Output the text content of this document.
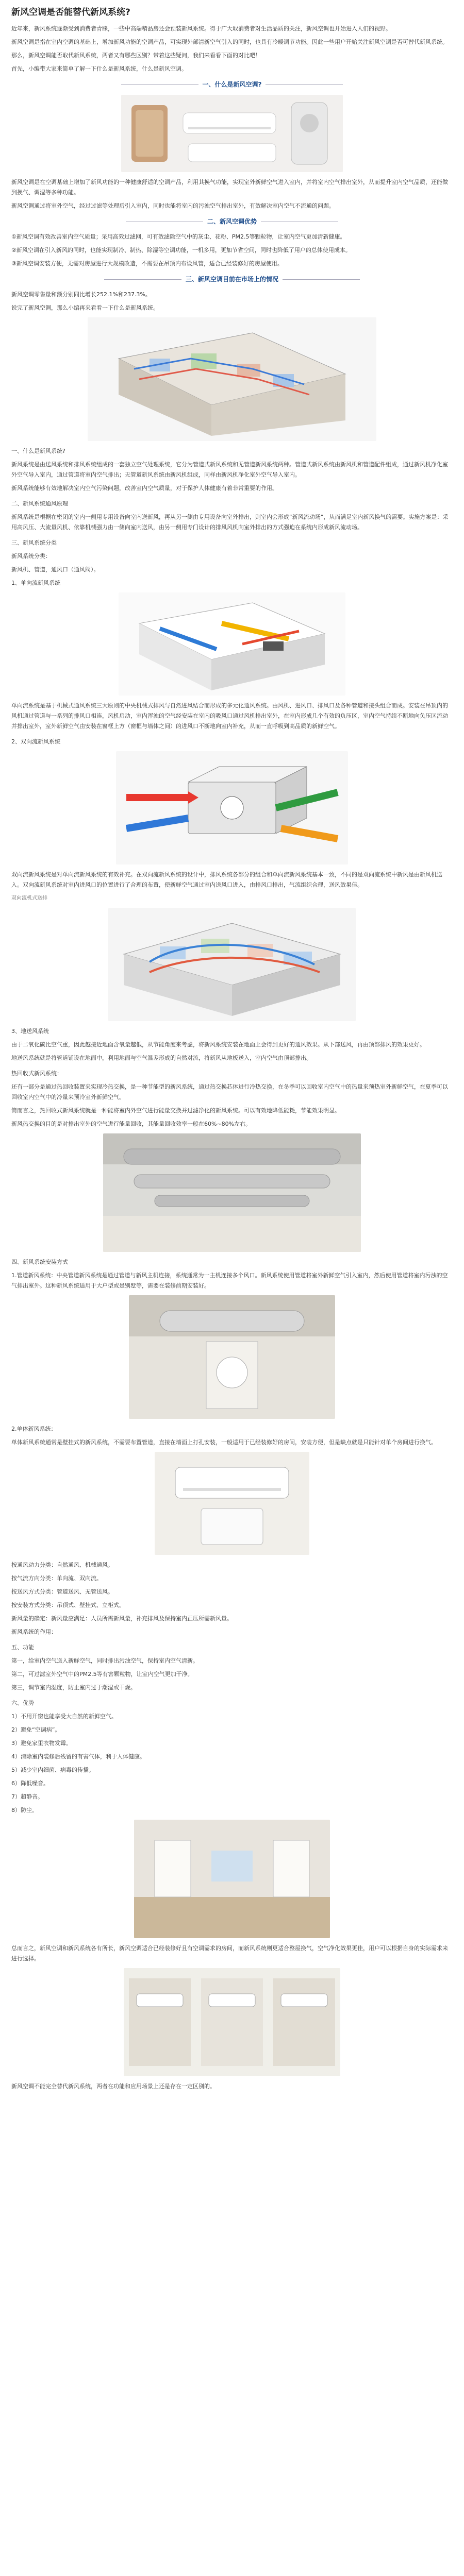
新风空调是否能替代新风系统?

近年来，新风系统逐渐受到消费者青睐，一些中高端精品房还会预装新风系统。得于广大取消费者对生活品质的关注，新风空调也开始进入人们的视野。

新风空调是指在室内空调的基础上，增加新风功能的空调产品，可实现外部清新空气引入的同时，也具有冷暖调节功能。因此一些用户开始关注新风空调是否可替代新风系统。

那么，新风空调能否取代新风系统，两者又有哪些区别？带着这些疑问，我们来看看下面的对比吧！

首先，小编带大家来简单了解一下什么是新风系统，什么是新风空调。

一、什么是新风空调?

新风空调是在空调基础上增加了新风功能的一种健康舒适的空调产品，利用其换气功能，实现室外新鲜空气进入室内，并将室内空气排出室外，从而提升室内空气品质，还能做到换气、调湿等多种功能。

新风空调通过将室外空气，经过过滤等处理后引入室内，同时也能将室内的污浊空气排出室外，有效解决室内空气不流通的问题。

二、新风空调优势

①新风空调有效改善室内空气质量；采用高效过滤网，可有效滤除空气中的灰尘、花粉、PM2.5等颗粒物，让室内空气更加清新健康。

②新风空调在引入新风的同时，也能实现制冷、制热、除湿等空调功能，一机多用，更加节省空间，同时也降低了用户的总体使用成本。

③新风空调安装方便，无需对房屋进行大规模改造，不需要在吊顶内布设风管，适合已经装修好的房屋使用。

三、新风空调目前在市场上的情况

新风空调零售量和额分别同比增长252.1%和237.3%。

说完了新风空调，那么小编再来看看一下什么是新风系统。

一、什么是新风系统?

新风系统是由送风系统和排风系统组成的一套独立空气处理系统，它分为管道式新风系统和无管道新风系统两种。管道式新风系统由新风机和管道配件组成，通过新风机净化室外空气导入室内，通过管道将室内空气排出；无管道新风系统由新风机组成，同样由新风机净化室外空气导入室内。

新风系统能够有效地解决室内空气污染问题，改善室内空气质量，对于保护人体健康有着非常重要的作用。

二、新风系统通风原理

新风系统是根据在密闭的室内一侧用专用设备向室内送新风，再从另一侧由专用设备向室外排出，则室内会形成“新风流动场”，从而满足室内新风换气的需要。实施方案是：采用高风压、大流量风机、依靠机械强力由一侧向室内送风，由另一侧用专门设计的排风风机向室外排出的方式强迫在系统内形成新风流动场。

三、新风系统分类

新风系统分类：

新风机、管道，通风口（通风阀）。

1、单向流新风系统

单向流系统是基于机械式通风系统三大原则的中央机械式排风与自然进风结合而形成的多元化通风系统。由风机、进风口、排风口及各种管道和接头组合而成。安装在吊顶内的风机通过管道与一系列的排风口相连，风机启动，室内浑浊的空气经安装在室内的吸风口通过风机排出室外，在室内形成几个有效的负压区，室内空气持续不断地向负压区流动并排出室外，室外新鲜空气由安装在窗框上方（窗框与墙体之间）的进风口不断地向室内补充，从而一直呼吸到高品质的新鲜空气。

2、双向流新风系统

双向流新风系统是对单向流新风系统的有效补充。在双向流新风系统的设计中，排风系统各部分的组合和单向流新风系统基本一致，不同的是双向流系统中新风是由新风机送入。双向流新风系统对室内进风口的位置进行了合理的布置，使新鲜空气通过室内送风口进入，由排风口排出，气流组织合理，送风效果佳。

双向流机式送排

3、地送风系统

由于二氧化碳比空气重，因此越接近地面含氧量越低，从节能角度来考虑，将新风系统安装在地面上会得到更好的通风效果。从下部送风，再由顶部排风的效果更好。

地送风系统就是将管道铺设在地面中，利用地面与空气温差形成的自然对流，将新风从地板送入，室内空气由顶部排出。

热回收式新风系统：

还有一部分是通过热回收装置来实现冷热交换，是一种节能型的新风系统，通过热交换芯体进行冷热交换，在冬季可以回收室内空气中的热量来预热室外新鲜空气，在夏季可以回收室内空气中的冷量来预冷室外新鲜空气。

简而言之，热回收式新风系统就是一种能将室内外空气进行能量交换并过滤净化的新风系统。可以有效地降低能耗，节能效果明显。

新风热交换的目的是对排出室外的空气进行能量回收，其能量回收效率一般在60%~80%左右。

四、新风系统安装方式

1.管道新风系统：中央管道新风系统是通过管道与新风主机连接，系统通常为一主机连接多个风口。新风系统使用管道将室外新鲜空气引入室内，然后使用管道将室内污浊的空气排出室外。这种新风系统适用于大户型或是别墅等，需要在装修前期安装好。

2.单体新风系统：

单体新风系统通常是壁挂式的新风系统，不需要布置管道，直接在墙面上打孔安装，一般适用于已经装修好的房间，安装方便，但是缺点就是只能针对单个房间进行换气。

按通风动力分类：自然通风、机械通风。

按气流方向分类：单向流、双向流。

按送风方式分类：管道送风、无管送风。

按安装方式分类：吊顶式、壁挂式、立柜式。

新风量的确定：新风量应满足：人员所需新风量，补充排风及保持室内正压所需新风量。

新风系统的作用：

五、功能

第一，给室内空气送入新鲜空气，同时排出污浊空气，保持室内空气清新。

第二，可过滤室外空气中的PM2.5等有害颗粒物，让室内空气更加干净。

第三，调节室内湿度，防止室内过于潮湿或干燥。

六、优势

1）不用开窗也能享受大自然的新鲜空气。

2）避免“空调病”。

3）避免家里衣物发霉。

4）清除室内装修后残留的有害气体，利于人体健康。

5）减少室内细菌、病毒的传播。

6）降低噪音。

7）超静音。

8）防尘。

总而言之，新风空调和新风系统各有所长，新风空调适合已经装修好且有空调需求的房间，而新风系统则更适合整屋换气，空气净化效果更佳，用户可以根据自身的实际需求来进行选择。

新风空调不能完全替代新风系统，两者在功能和应用场景上还是存在一定区别的。
